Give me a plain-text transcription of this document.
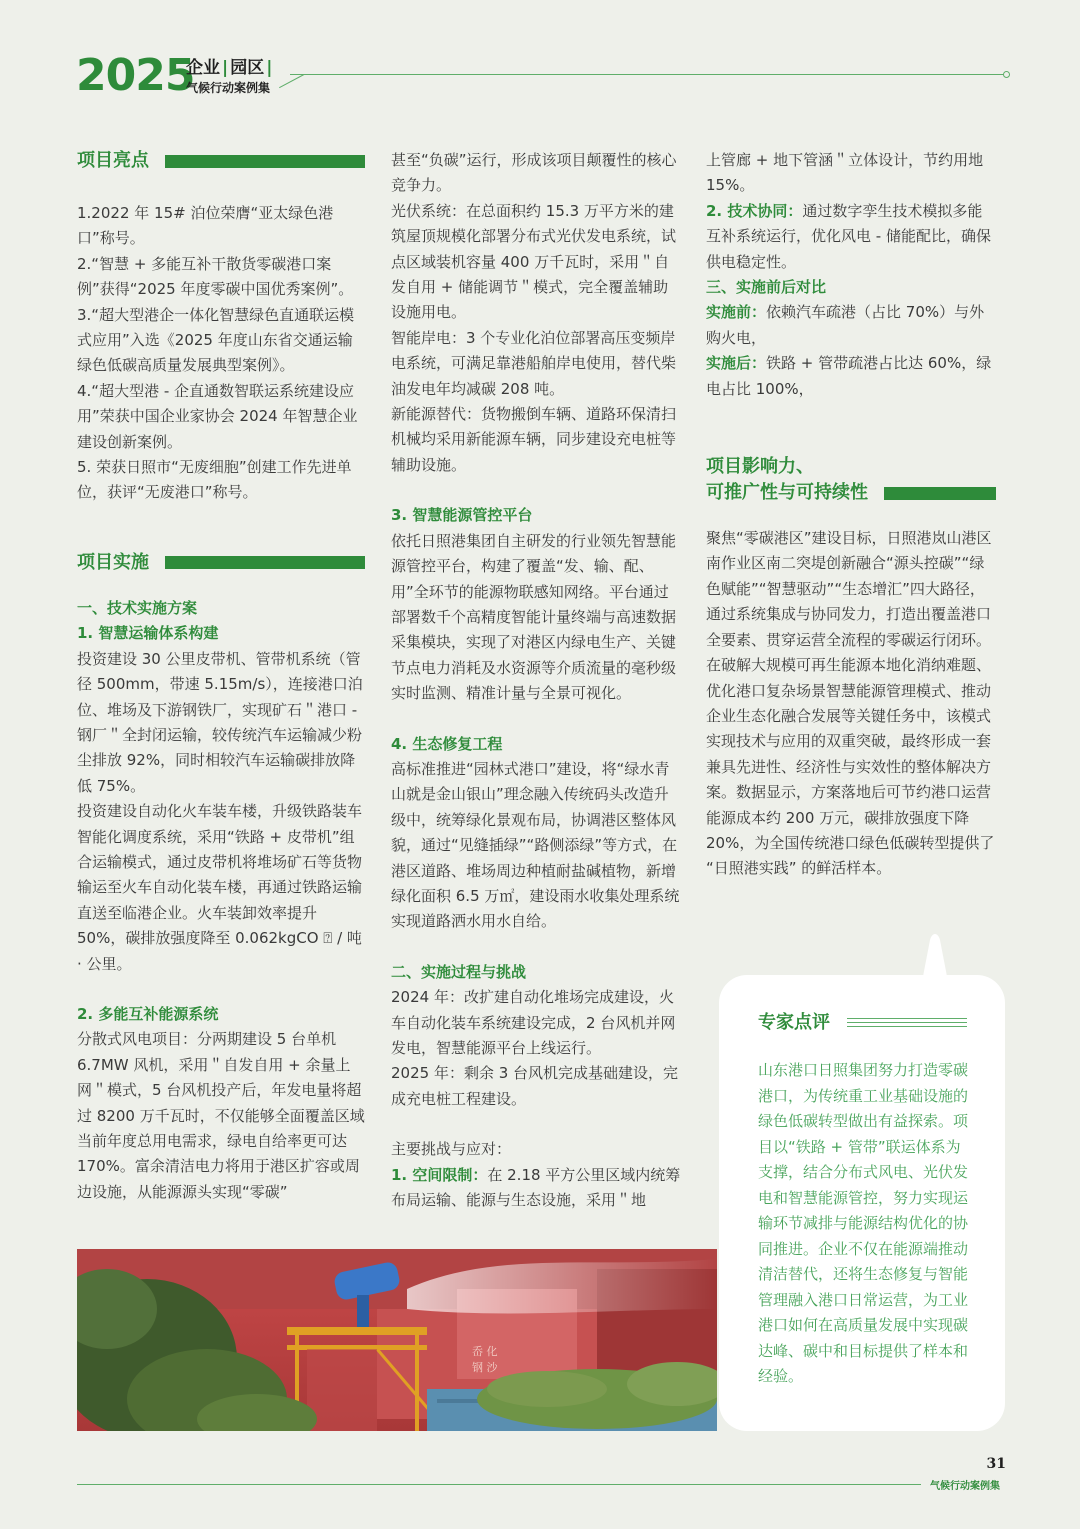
2025
企业 | 园区 |
气候行动案例集
项目亮点

1.2022 年 15# 泊位荣膺“亚太绿色港口”称号。

2.“智慧 + 多能互补干散货零碳港口案例”获得“2025 年度零碳中国优秀案例”。

3.“超大型港企一体化智慧绿色直通联运模式应用”入选《2025 年度山东省交通运输绿色低碳高质量发展典型案例》。

4.“超大型港 - 企直通数智联运系统建设应用”荣获中国企业家协会 2024 年智慧企业建设创新案例。

5. 荣获日照市“无废细胞”创建工作先进单位，获评“无废港口”称号。

项目实施

一、技术实施方案

1. 智慧运输体系构建

投资建设 30 公里皮带机、管带机系统（管径 500mm，带速 5.15m/s），连接港口泊位、堆场及下游钢铁厂，实现矿石＂港口 - 钢厂＂全封闭运输，较传统汽车运输减少粉尘排放 92%，同时相较汽车运输碳排放降低 75%。

投资建设自动化火车装车楼，升级铁路装车智能化调度系统，采用“铁路 + 皮带机”组合运输模式，通过皮带机将堆场矿石等货物输运至火车自动化装车楼，再通过铁路运输直送至临港企业。火车装卸效率提升 50%，碳排放强度降至 0.062kgCO ⍰ / 吨 · 公里。

2. 多能互补能源系统

分散式风电项目：分两期建设 5 台单机 6.7MW 风机，采用＂自发自用 + 余量上网＂模式，5 台风机投产后，年发电量将超过 8200 万千瓦时，不仅能够全面覆盖区域当前年度总用电需求，绿电自给率更可达 170%。富余清洁电力将用于港区扩容或周边设施，从能源源头实现“零碳”

甚至“负碳”运行，形成该项目颠覆性的核心竞争力。

光伏系统：在总面积约 15.3 万平方米的建筑屋顶规模化部署分布式光伏发电系统，试点区域装机容量 400 万千瓦时，采用＂自发自用 + 储能调节＂模式，完全覆盖辅助设施用电。

智能岸电：3 个专业化泊位部署高压变频岸电系统，可满足靠港船舶岸电使用，替代柴油发电年均减碳 208 吨。

新能源替代：货物搬倒车辆、道路环保清扫机械均采用新能源车辆，同步建设充电桩等辅助设施。

3. 智慧能源管控平台

依托日照港集团自主研发的行业领先智慧能源管控平台，构建了覆盖“发、输、配、用”全环节的能源物联感知网络。平台通过部署数千个高精度智能计量终端与高速数据采集模块，实现了对港区内绿电生产、关键节点电力消耗及水资源等介质流量的毫秒级实时监测、精准计量与全景可视化。

4. 生态修复工程

高标准推进“园林式港口”建设，将“绿水青山就是金山银山”理念融入传统码头改造升级中，统筹绿化景观布局，协调港区整体风貌，通过“见缝插绿”“路侧添绿”等方式，在港区道路、堆场周边种植耐盐碱植物，新增绿化面积 6.5 万㎡，建设雨水收集处理系统实现道路洒水用水自给。

二、实施过程与挑战

2024 年：改扩建自动化堆场完成建设，火车自动化装车系统建设完成，2 台风机并网发电，智慧能源平台上线运行。

2025 年：剩余 3 台风机完成基础建设，完成充电桩工程建设。

主要挑战与应对：

1. 空间限制：在 2.18 平方公里区域内统筹布局运输、能源与生态设施，采用＂地

上管廊 + 地下管涵＂立体设计，节约用地 15%。

2. 技术协同：通过数字孪生技术模拟多能互补系统运行，优化风电 - 储能配比，确保供电稳定性。

三、实施前后对比

实施前：依赖汽车疏港（占比 70%）与外购火电，

实施后：铁路 + 管带疏港占比达 60%，绿电占比 100%，

项目影响力、
可推广性与可持续性

聚焦“零碳港区”建设目标，日照港岚山港区南作业区南二突堤创新融合“源头控碳”“绿色赋能”“智慧驱动”“生态增汇”四大路径，通过系统集成与协同发力，打造出覆盖港口全要素、贯穿运营全流程的零碳运行闭环。在破解大规模可再生能源本地化消纳难题、优化港口复杂场景智慧能源管理模式、推动企业生态化融合发展等关键任务中，该模式实现技术与应用的双重突破，最终形成一套兼具先进性、经济性与实效性的整体解决方案。数据显示，方案落地后可节约港口运营能源成本约 200 万元，碳排放强度下降 20%，为全国传统港口绿色低碳转型提供了 “日照港实践” 的鲜活样本。

岙 化
钢 沙
专家点评
山东港口日照集团努力打造零碳港口，为传统重工业基础设施的绿色低碳转型做出有益探索。项目以“铁路 + 管带”联运体系为支撑，结合分布式风电、光伏发电和智慧能源管控，努力实现运输环节减排与能源结构优化的协同推进。企业不仅在能源端推动清洁替代，还将生态修复与智能管理融入港口日常运营，为工业港口如何在高质量发展中实现碳达峰、碳中和目标提供了样本和经验。
31
气候行动案例集
